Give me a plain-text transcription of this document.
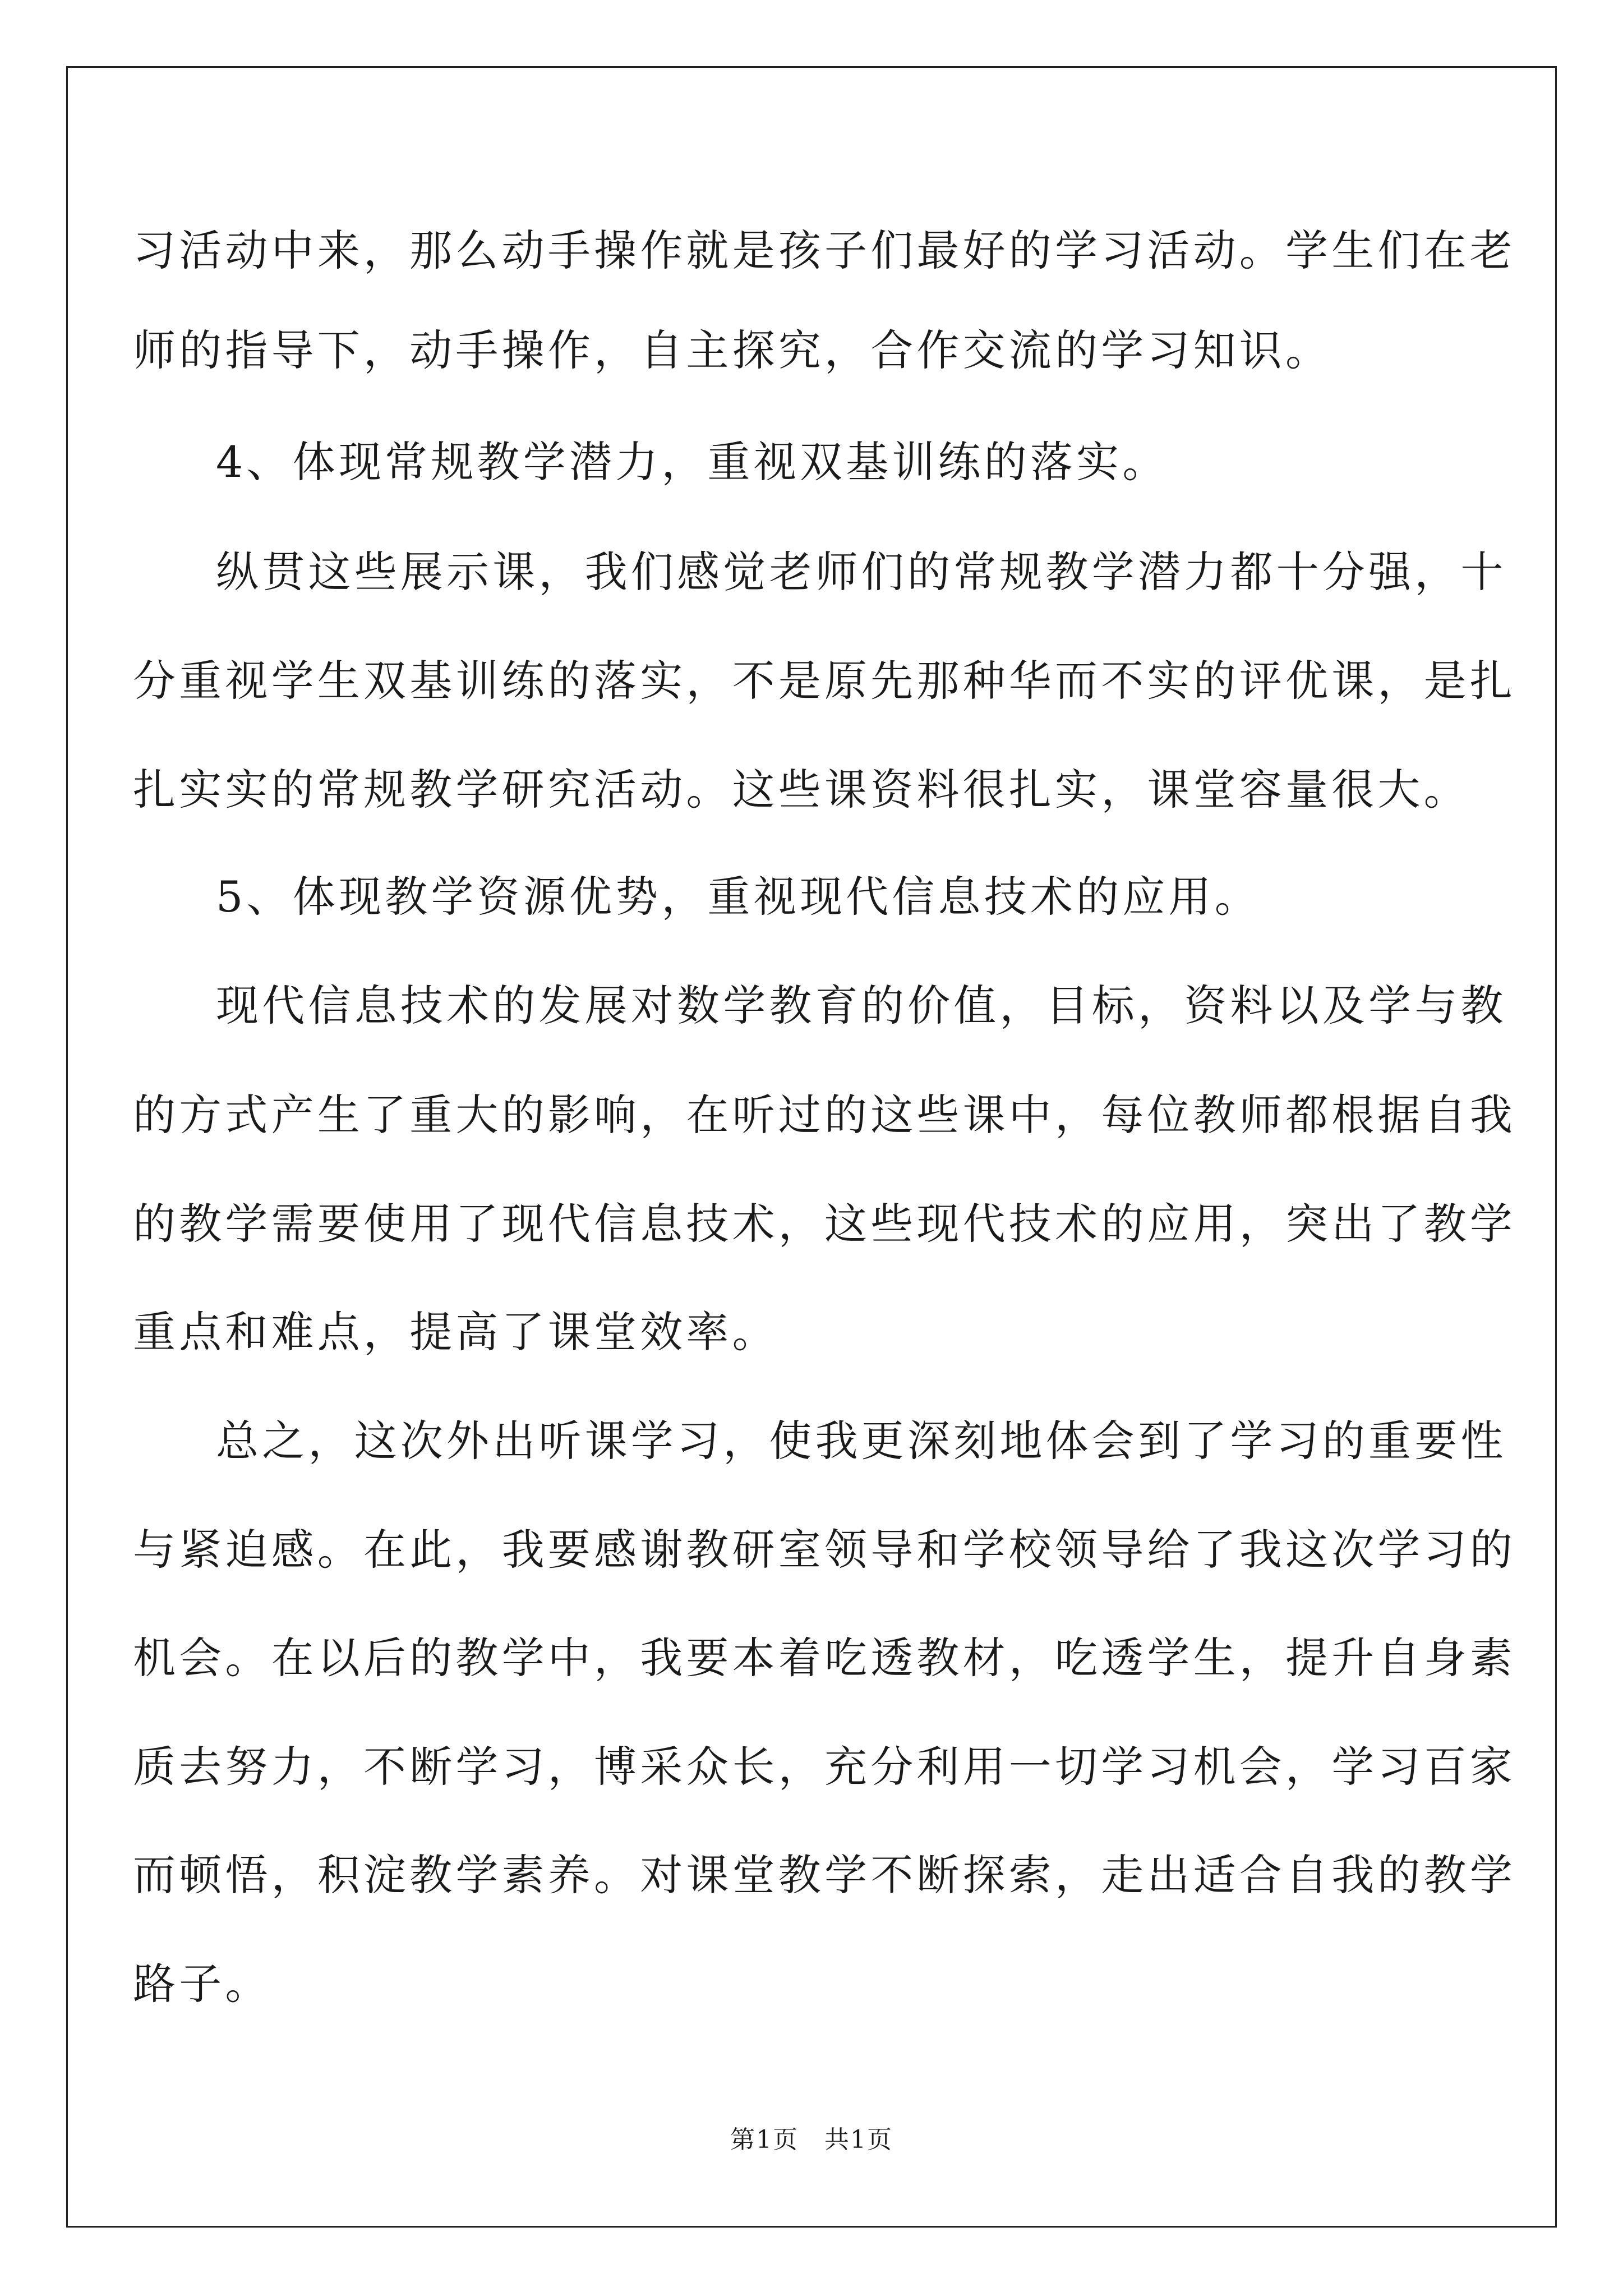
习活动中来，那么动手操作就是孩子们最好的学习活动。学生们在老
师的指导下，动手操作，自主探究，合作交流的学习知识。
4、体现常规教学潜力，重视双基训练的落实。
纵贯这些展示课，我们感觉老师们的常规教学潜力都十分强，十
分重视学生双基训练的落实，不是原先那种华而不实的评优课，是扎
扎实实的常规教学研究活动。这些课资料很扎实，课堂容量很大。
5、体现教学资源优势，重视现代信息技术的应用。
现代信息技术的发展对数学教育的价值，目标，资料以及学与教
的方式产生了重大的影响，在听过的这些课中，每位教师都根据自我
的教学需要使用了现代信息技术，这些现代技术的应用，突出了教学
重点和难点，提高了课堂效率。
总之，这次外出听课学习，使我更深刻地体会到了学习的重要性
与紧迫感。在此，我要感谢教研室领导和学校领导给了我这次学习的
机会。在以后的教学中，我要本着吃透教材，吃透学生，提升自身素
质去努力，不断学习，博采众长，充分利用一切学习机会，学习百家
而顿悟，积淀教学素养。对课堂教学不断探索，走出适合自我的教学
路子。
第1页　共1页
